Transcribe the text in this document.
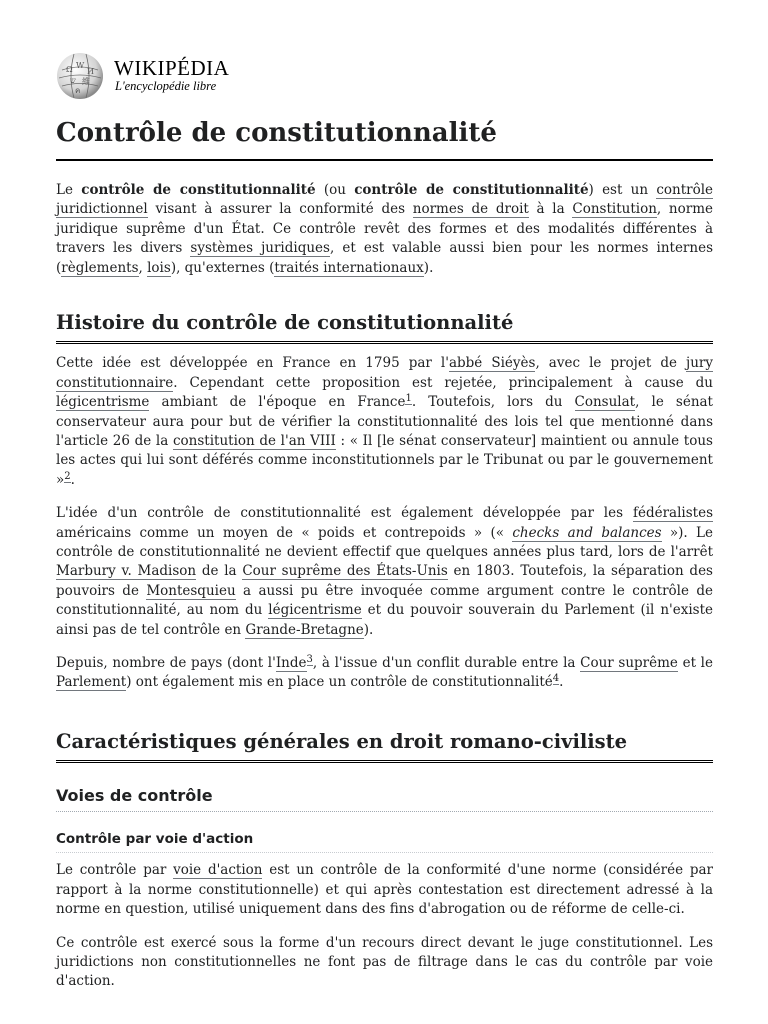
Ω W
И
ש 維
ค
WIKIPÉDIA
L'encyclopédie libre
Contrôle de constitutionnalité

Le contrôle de constitutionnalité (ou contrôle de constitutionnalité) est un contrôle juridictionnel visant à assurer la conformité des normes de droit à la Constitution, norme juridique suprême d'un État. Ce contrôle revêt des formes et des modalités différentes à travers les divers systèmes juridiques, et est valable aussi bien pour les normes internes (règlements, lois), qu'externes (traités internationaux).

Histoire du contrôle de constitutionnalité

Cette idée est développée en France en 1795 par l'abbé Siéyès, avec le projet de jury constitutionnaire. Cependant cette proposition est rejetée, principalement à cause du légicentrisme ambiant de l'époque en France$^1$. Toutefois, lors du Consulat, le sénat conservateur aura pour but de vérifier la constitutionnalité des lois tel que mentionné dans l'article 26 de la constitution de l'an VIII : « Il [le sénat conservateur] maintient ou annule tous les actes qui lui sont déférés comme inconstitutionnels par le Tribunat ou par le gouvernement »$^2$.

L'idée d'un contrôle de constitutionnalité est également développée par les fédéralistes américains comme un moyen de « poids et contrepoids » (« checks and balances »). Le contrôle de constitutionnalité ne devient effectif que quelques années plus tard, lors de l'arrêt Marbury v. Madison de la Cour suprême des États-Unis en 1803. Toutefois, la séparation des pouvoirs de Montesquieu a aussi pu être invoquée comme argument contre le contrôle de constitutionnalité, au nom du légicentrisme et du pouvoir souverain du Parlement (il n'existe ainsi pas de tel contrôle en Grande-Bretagne).

Depuis, nombre de pays (dont l'Inde$^3$, à l'issue d'un conflit durable entre la Cour suprême et le Parlement) ont également mis en place un contrôle de constitutionnalité$^4$.

Caractéristiques générales en droit romano-civiliste
Voies de contrôle
Contrôle par voie d'action

Le contrôle par voie d'action est un contrôle de la conformité d'une norme (considérée par rapport à la norme constitutionnelle) et qui après contestation est directement adressé à la norme en question, utilisé uniquement dans des fins d'abrogation ou de réforme de celle-ci.

Ce contrôle est exercé sous la forme d'un recours direct devant le juge constitutionnel. Les juridictions non constitutionnelles ne font pas de filtrage dans le cas du contrôle par voie d'action.
